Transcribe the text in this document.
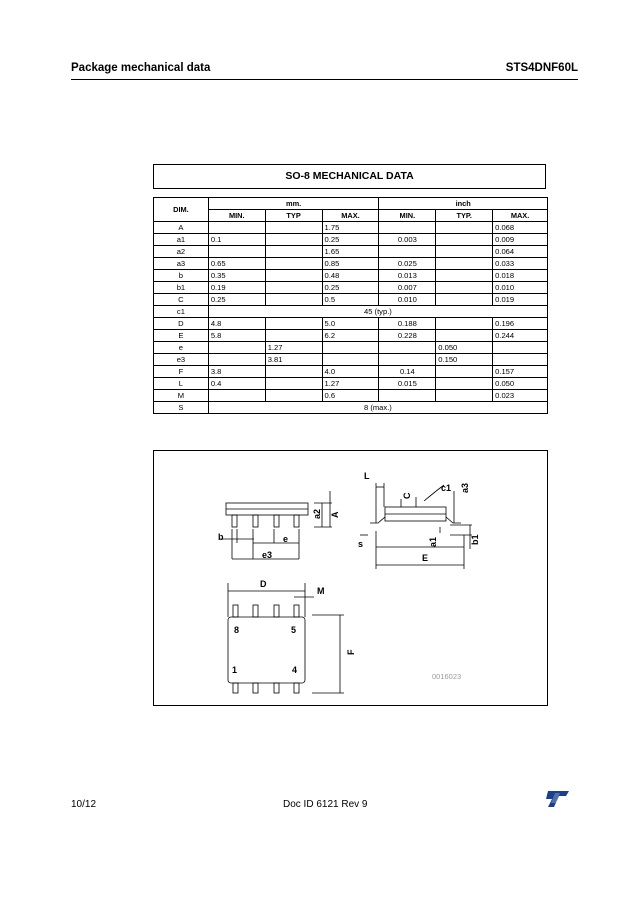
Package mechanical data	STS4DNF60L
SO-8 MECHANICAL DATA
DIM.	mm.			inch		
	MIN.	TYP	MAX.	MIN.	TYP.	MAX.
A			1.75			0.068
a1	0.1		0.25	0.003		0.009
a2			1.65			0.064
a3	0.65		0.85	0.025		0.033
b	0.35		0.48	0.013		0.018
b1	0.19		0.25	0.007		0.010
C	0.25		0.5	0.010		0.019
c1	45 (typ.)					
D	4.8		5.0	0.188		0.196
E	5.8		6.2	0.228		0.244
e		1.27			0.050	
e3		3.81			0.150	
F	3.8		4.0	0.14		0.157
L	0.4		1.27	0.015		0.050
M			0.6			0.023
S	8 (max.)					
b	e
e3
a2 A
L
C
c1 a3
s	a1	b1
E
D
M
F
8	5
1	4
0016023
10/12	Doc ID 6121 Rev 9
